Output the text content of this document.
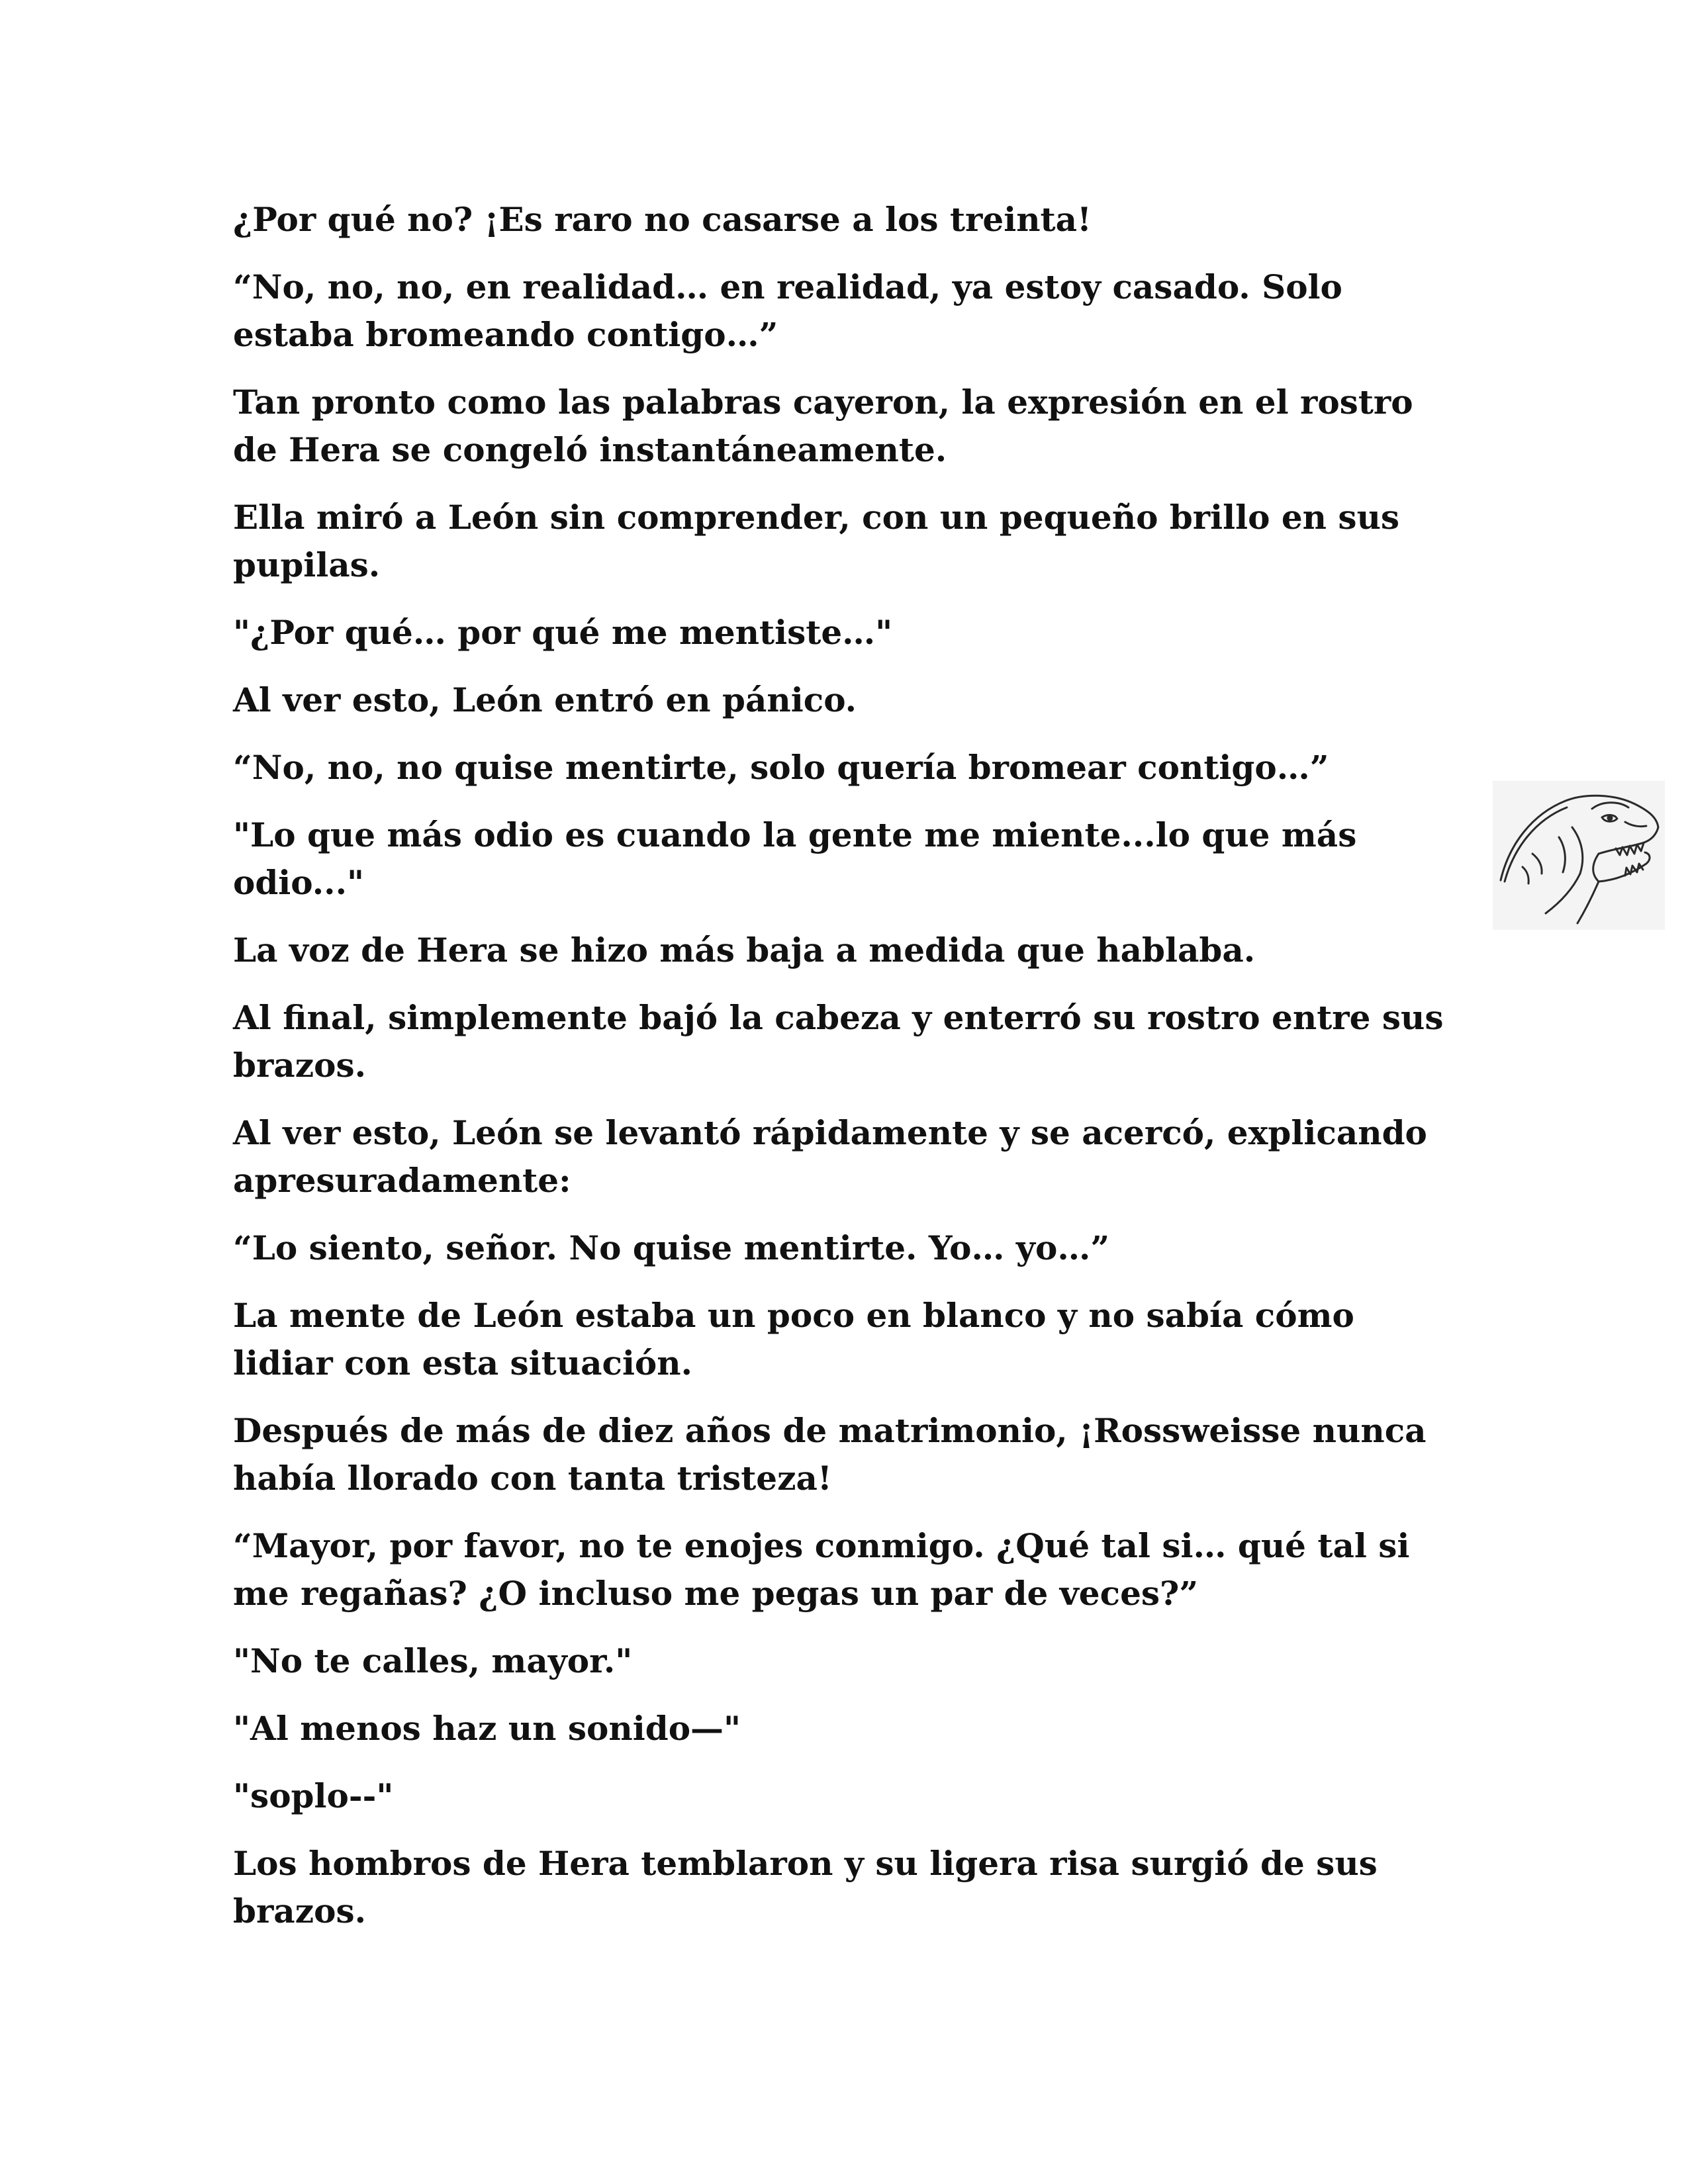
¿Por qué no? ¡Es raro no casarse a los treinta!

“No, no, no, en realidad… en realidad, ya estoy casado. Solo estaba bromeando contigo…”

Tan pronto como las palabras cayeron, la expresión en el rostro de Hera se congeló instantáneamente.

Ella miró a León sin comprender, con un pequeño brillo en sus pupilas.

"¿Por qué… por qué me mentiste…"

Al ver esto, León entró en pánico.

“No, no, no quise mentirte, solo quería bromear contigo…”

"Lo que más odio es cuando la gente me miente...lo que más odio..."

La voz de Hera se hizo más baja a medida que hablaba.

Al final, simplemente bajó la cabeza y enterró su rostro entre sus brazos.

Al ver esto, León se levantó rápidamente y se acercó, explicando apresuradamente:

“Lo siento, señor. No quise mentirte. Yo… yo…”

La mente de León estaba un poco en blanco y no sabía cómo lidiar con esta situación.

Después de más de diez años de matrimonio, ¡Rossweisse nunca había llorado con tanta tristeza!

“Mayor, por favor, no te enojes conmigo. ¿Qué tal si… qué tal si me regañas? ¿O incluso me pegas un par de veces?”

"No te calles, mayor."

"Al menos haz un sonido—"

"soplo--"

Los hombros de Hera temblaron y su ligera risa surgió de sus brazos.
